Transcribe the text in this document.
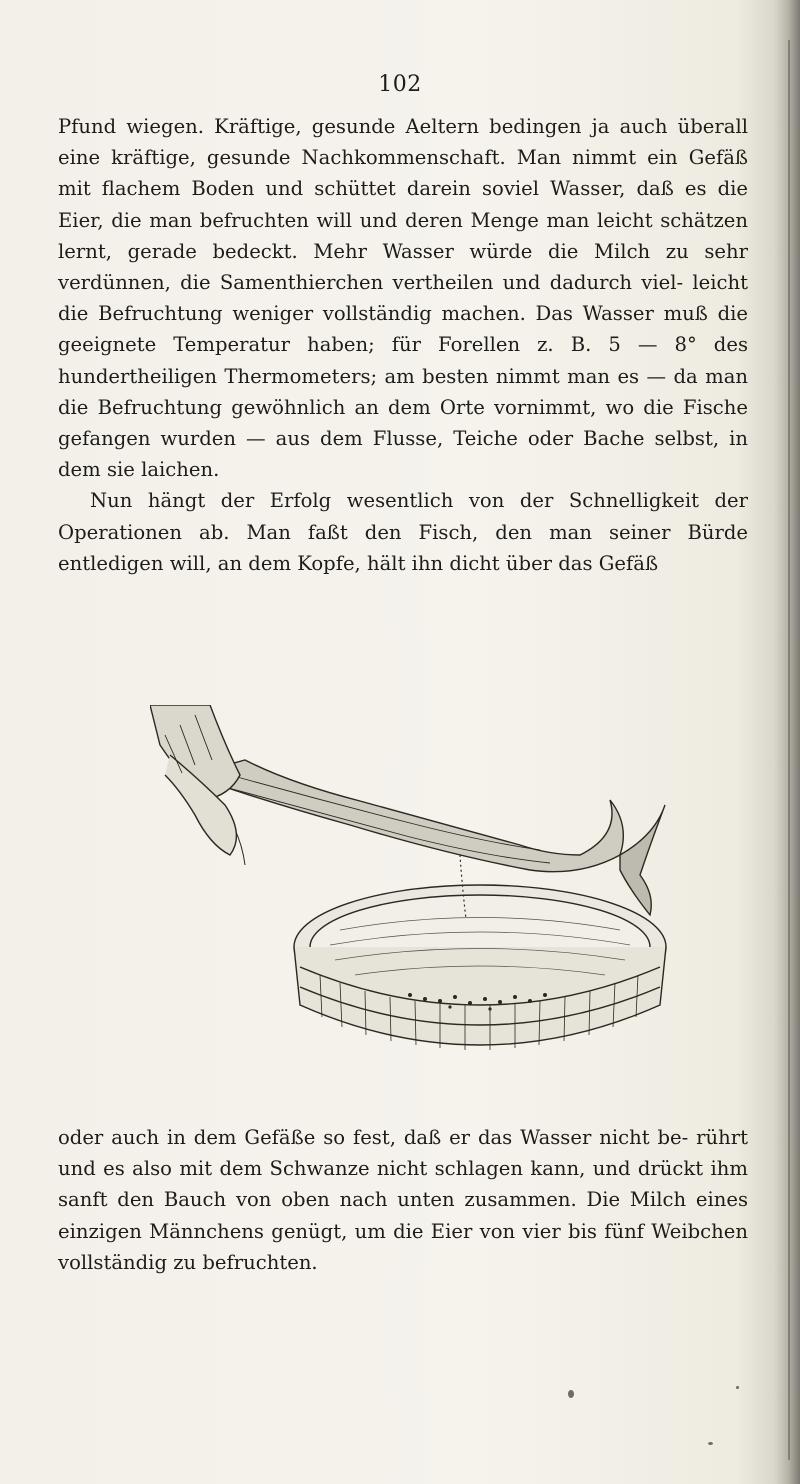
102

Pfund wiegen. Kräftige, gesunde Aeltern bedingen ja auch überall eine kräftige, gesunde Nachkommenschaft. Man nimmt ein Gefäß mit flachem Boden und schüttet darein soviel Wasser, daß es die Eier, die man befruchten will und deren Menge man leicht schätzen lernt, gerade bedeckt. Mehr Wasser würde die Milch zu sehr verdünnen, die Samenthierchen vertheilen und dadurch viel- leicht die Befruchtung weniger vollständig machen. Das Wasser muß die geeignete Temperatur haben; für Forellen z. B. 5 — 8° des hundertheiligen Thermometers; am besten nimmt man es — da man die Befruchtung gewöhnlich an dem Orte vornimmt, wo die Fische gefangen wurden — aus dem Flusse, Teiche oder Bache selbst, in dem sie laichen.

Nun hängt der Erfolg wesentlich von der Schnelligkeit der Operationen ab. Man faßt den Fisch, den man seiner Bürde entledigen will, an dem Kopfe, hält ihn dicht über das Gefäß

oder auch in dem Gefäße so fest, daß er das Wasser nicht be- rührt und es also mit dem Schwanze nicht schlagen kann, und drückt ihm sanft den Bauch von oben nach unten zusammen. Die Milch eines einzigen Männchens genügt, um die Eier von vier bis fünf Weibchen vollständig zu befruchten.
